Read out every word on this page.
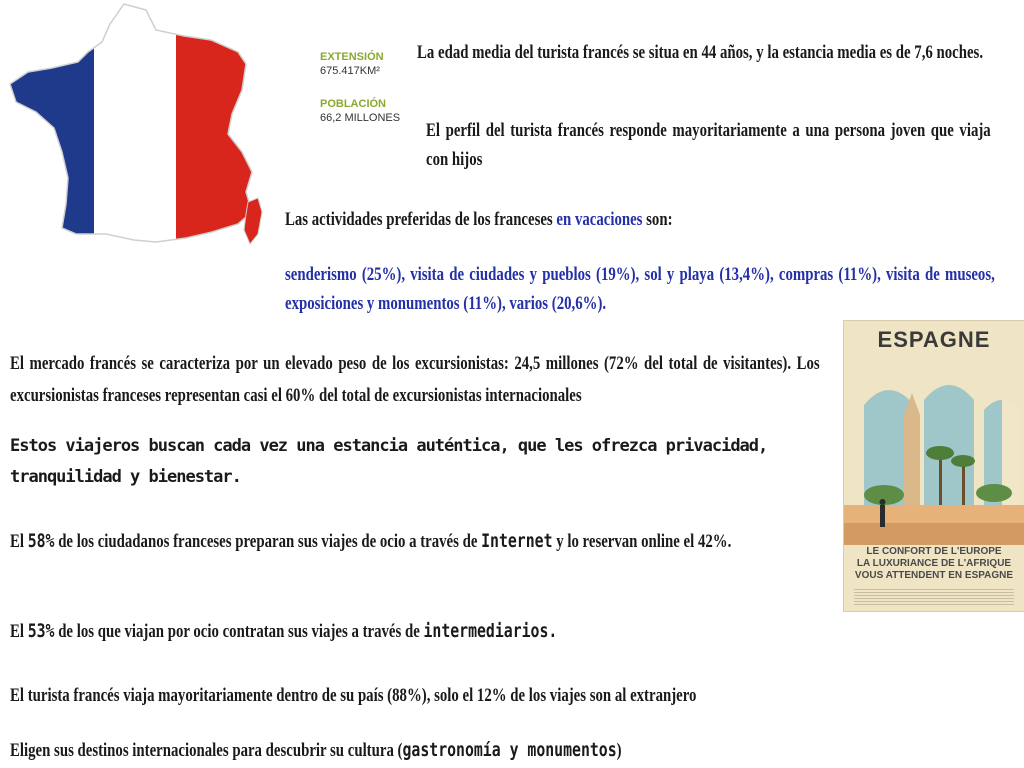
EXTENSIÓN
675.417KM²
POBLACIÓN
66,2 MILLONES
La edad media del turista francés se situa en 44 años, y la estancia media es de 7,6 noches.
El perfil del turista francés responde mayoritariamente a una persona joven que viaja con hijos
Las actividades preferidas de los franceses en vacaciones son:
senderismo (25%), visita de ciudades y pueblos (19%), sol y playa (13,4%), compras (11%), visita de museos, exposiciones y monumentos (11%), varios (20,6%).
El mercado francés se caracteriza por un elevado peso de los excursionistas: 24,5 millones (72% del total de visitantes). Los excursionistas franceses representan casi el 60% del total de excursionistas internacionales
Estos viajeros buscan cada vez una estancia auténtica, que les ofrezca privacidad, tranquilidad y bienestar.
El 58% de los ciudadanos franceses preparan sus viajes de ocio a través de Internet y lo reservan online el 42%.
El 53% de los que viajan por ocio contratan sus viajes a través de intermediarios.
El turista francés viaja mayoritariamente dentro de su país (88%), solo el 12% de los viajes son al extranjero
Eligen sus destinos internacionales para descubrir su cultura (gastronomía y monumentos)
ESPAGNE
LE CONFORT DE L'EUROPE
LA LUXURIANCE DE L'AFRIQUE
VOUS ATTENDENT EN ESPAGNE
